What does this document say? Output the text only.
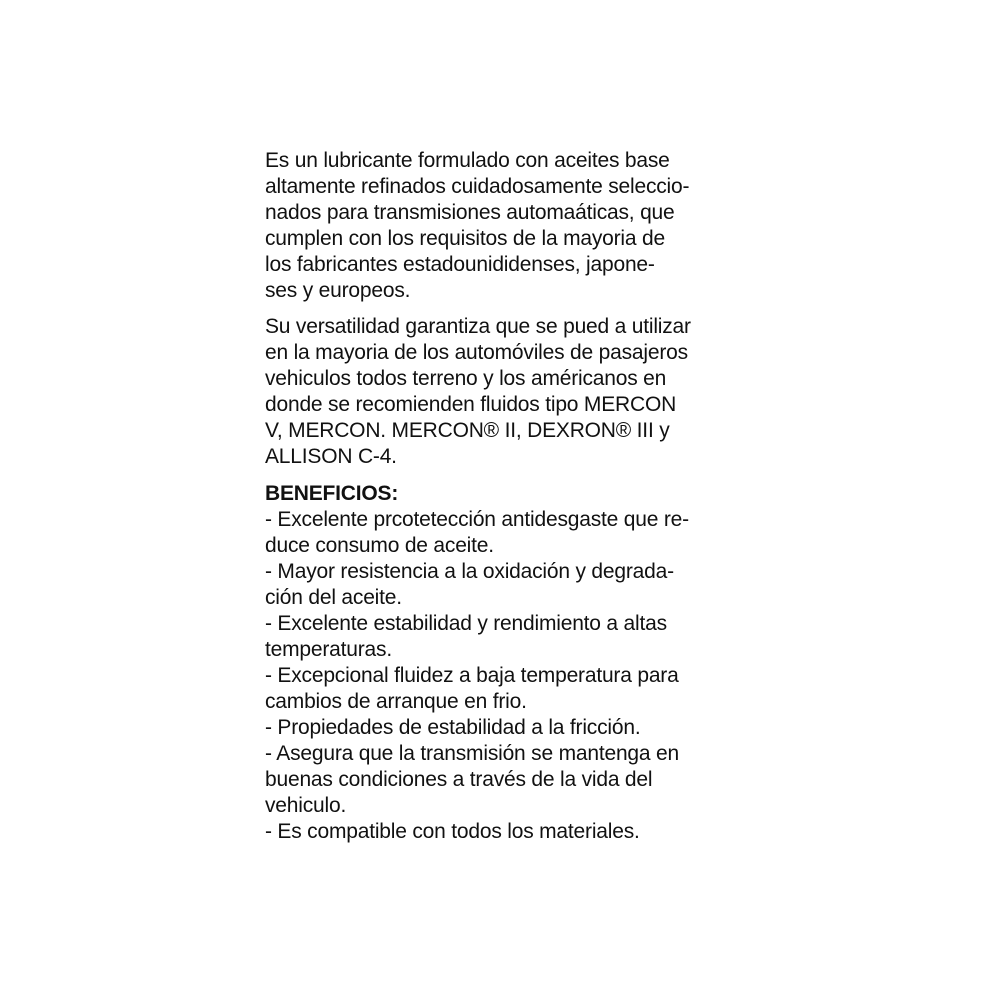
Es un lubricante formulado con aceites base
altamente refinados cuidadosamente seleccio-
nados para transmisiones automaáticas, que
cumplen con los requisitos de la mayoria de
los fabricantes estadounididenses, japone-
ses y europeos.
Su versatilidad garantiza que se pued a utilizar
en la mayoria de los automóviles de pasajeros
vehiculos todos terreno y los américanos en
donde se recomienden fluidos tipo MERCON
V, MERCON. MERCON® II, DEXRON® III y
ALLISON C-4.
BENEFICIOS:
- Excelente prcotetección antidesgaste que re-
duce consumo de aceite.
- Mayor resistencia a la oxidación y degrada-
ción del aceite.
- Excelente estabilidad y rendimiento a altas
temperaturas.
- Excepcional fluidez a baja temperatura para
cambios de arranque en frio.
- Propiedades de estabilidad a la fricción.
- Asegura que la transmisión se mantenga en
buenas condiciones a través de la vida del
vehiculo.
- Es compatible con todos los materiales.
